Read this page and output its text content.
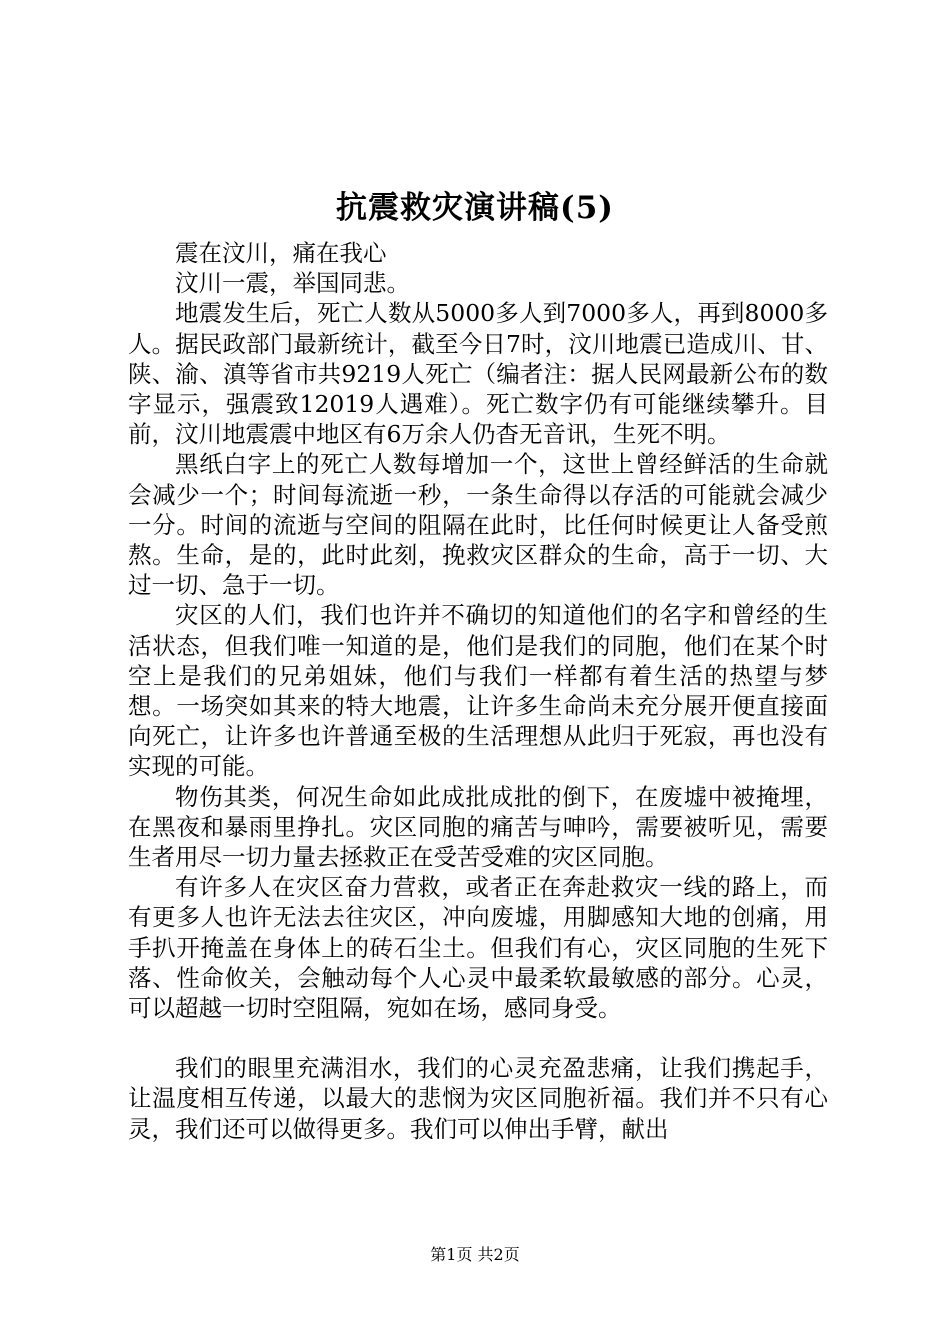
抗震救灾演讲稿(5)

震在汶川，痛在我心

汶川一震，举国同悲。

地震发生后，死亡人数从5000多人到7000多人，再到8000多人。据民政部门最新统计，截至今日7时，汶川地震已造成川、甘、陕、渝、滇等省市共9219人死亡（编者注：据人民网最新公布的数字显示，强震致12019人遇难）。死亡数字仍有可能继续攀升。目前，汶川地震震中地区有6万余人仍杳无音讯，生死不明。

黑纸白字上的死亡人数每增加一个，这世上曾经鲜活的生命就会减少一个；时间每流逝一秒，一条生命得以存活的可能就会减少一分。时间的流逝与空间的阻隔在此时，比任何时候更让人备受煎熬。生命，是的，此时此刻，挽救灾区群众的生命，高于一切、大过一切、急于一切。

灾区的人们，我们也许并不确切的知道他们的名字和曾经的生活状态，但我们唯一知道的是，他们是我们的同胞，他们在某个时空上是我们的兄弟姐妹，他们与我们一样都有着生活的热望与梦想。一场突如其来的特大地震，让许多生命尚未充分展开便直接面向死亡，让许多也许普通至极的生活理想从此归于死寂，再也没有实现的可能。

物伤其类，何况生命如此成批成批的倒下，在废墟中被掩埋，在黑夜和暴雨里挣扎。灾区同胞的痛苦与呻吟，需要被听见，需要生者用尽一切力量去拯救正在受苦受难的灾区同胞。

有许多人在灾区奋力营救，或者正在奔赴救灾一线的路上，而有更多人也许无法去往灾区，冲向废墟，用脚感知大地的创痛，用手扒开掩盖在身体上的砖石尘土。但我们有心，灾区同胞的生死下落、性命攸关，会触动每个人心灵中最柔软最敏感的部分。心灵，可以超越一切时空阻隔，宛如在场，感同身受。

我们的眼里充满泪水，我们的心灵充盈悲痛，让我们携起手，让温度相互传递，以最大的悲悯为灾区同胞祈福。我们并不只有心灵，我们还可以做得更多。我们可以伸出手臂，献出

第1页 共2页
